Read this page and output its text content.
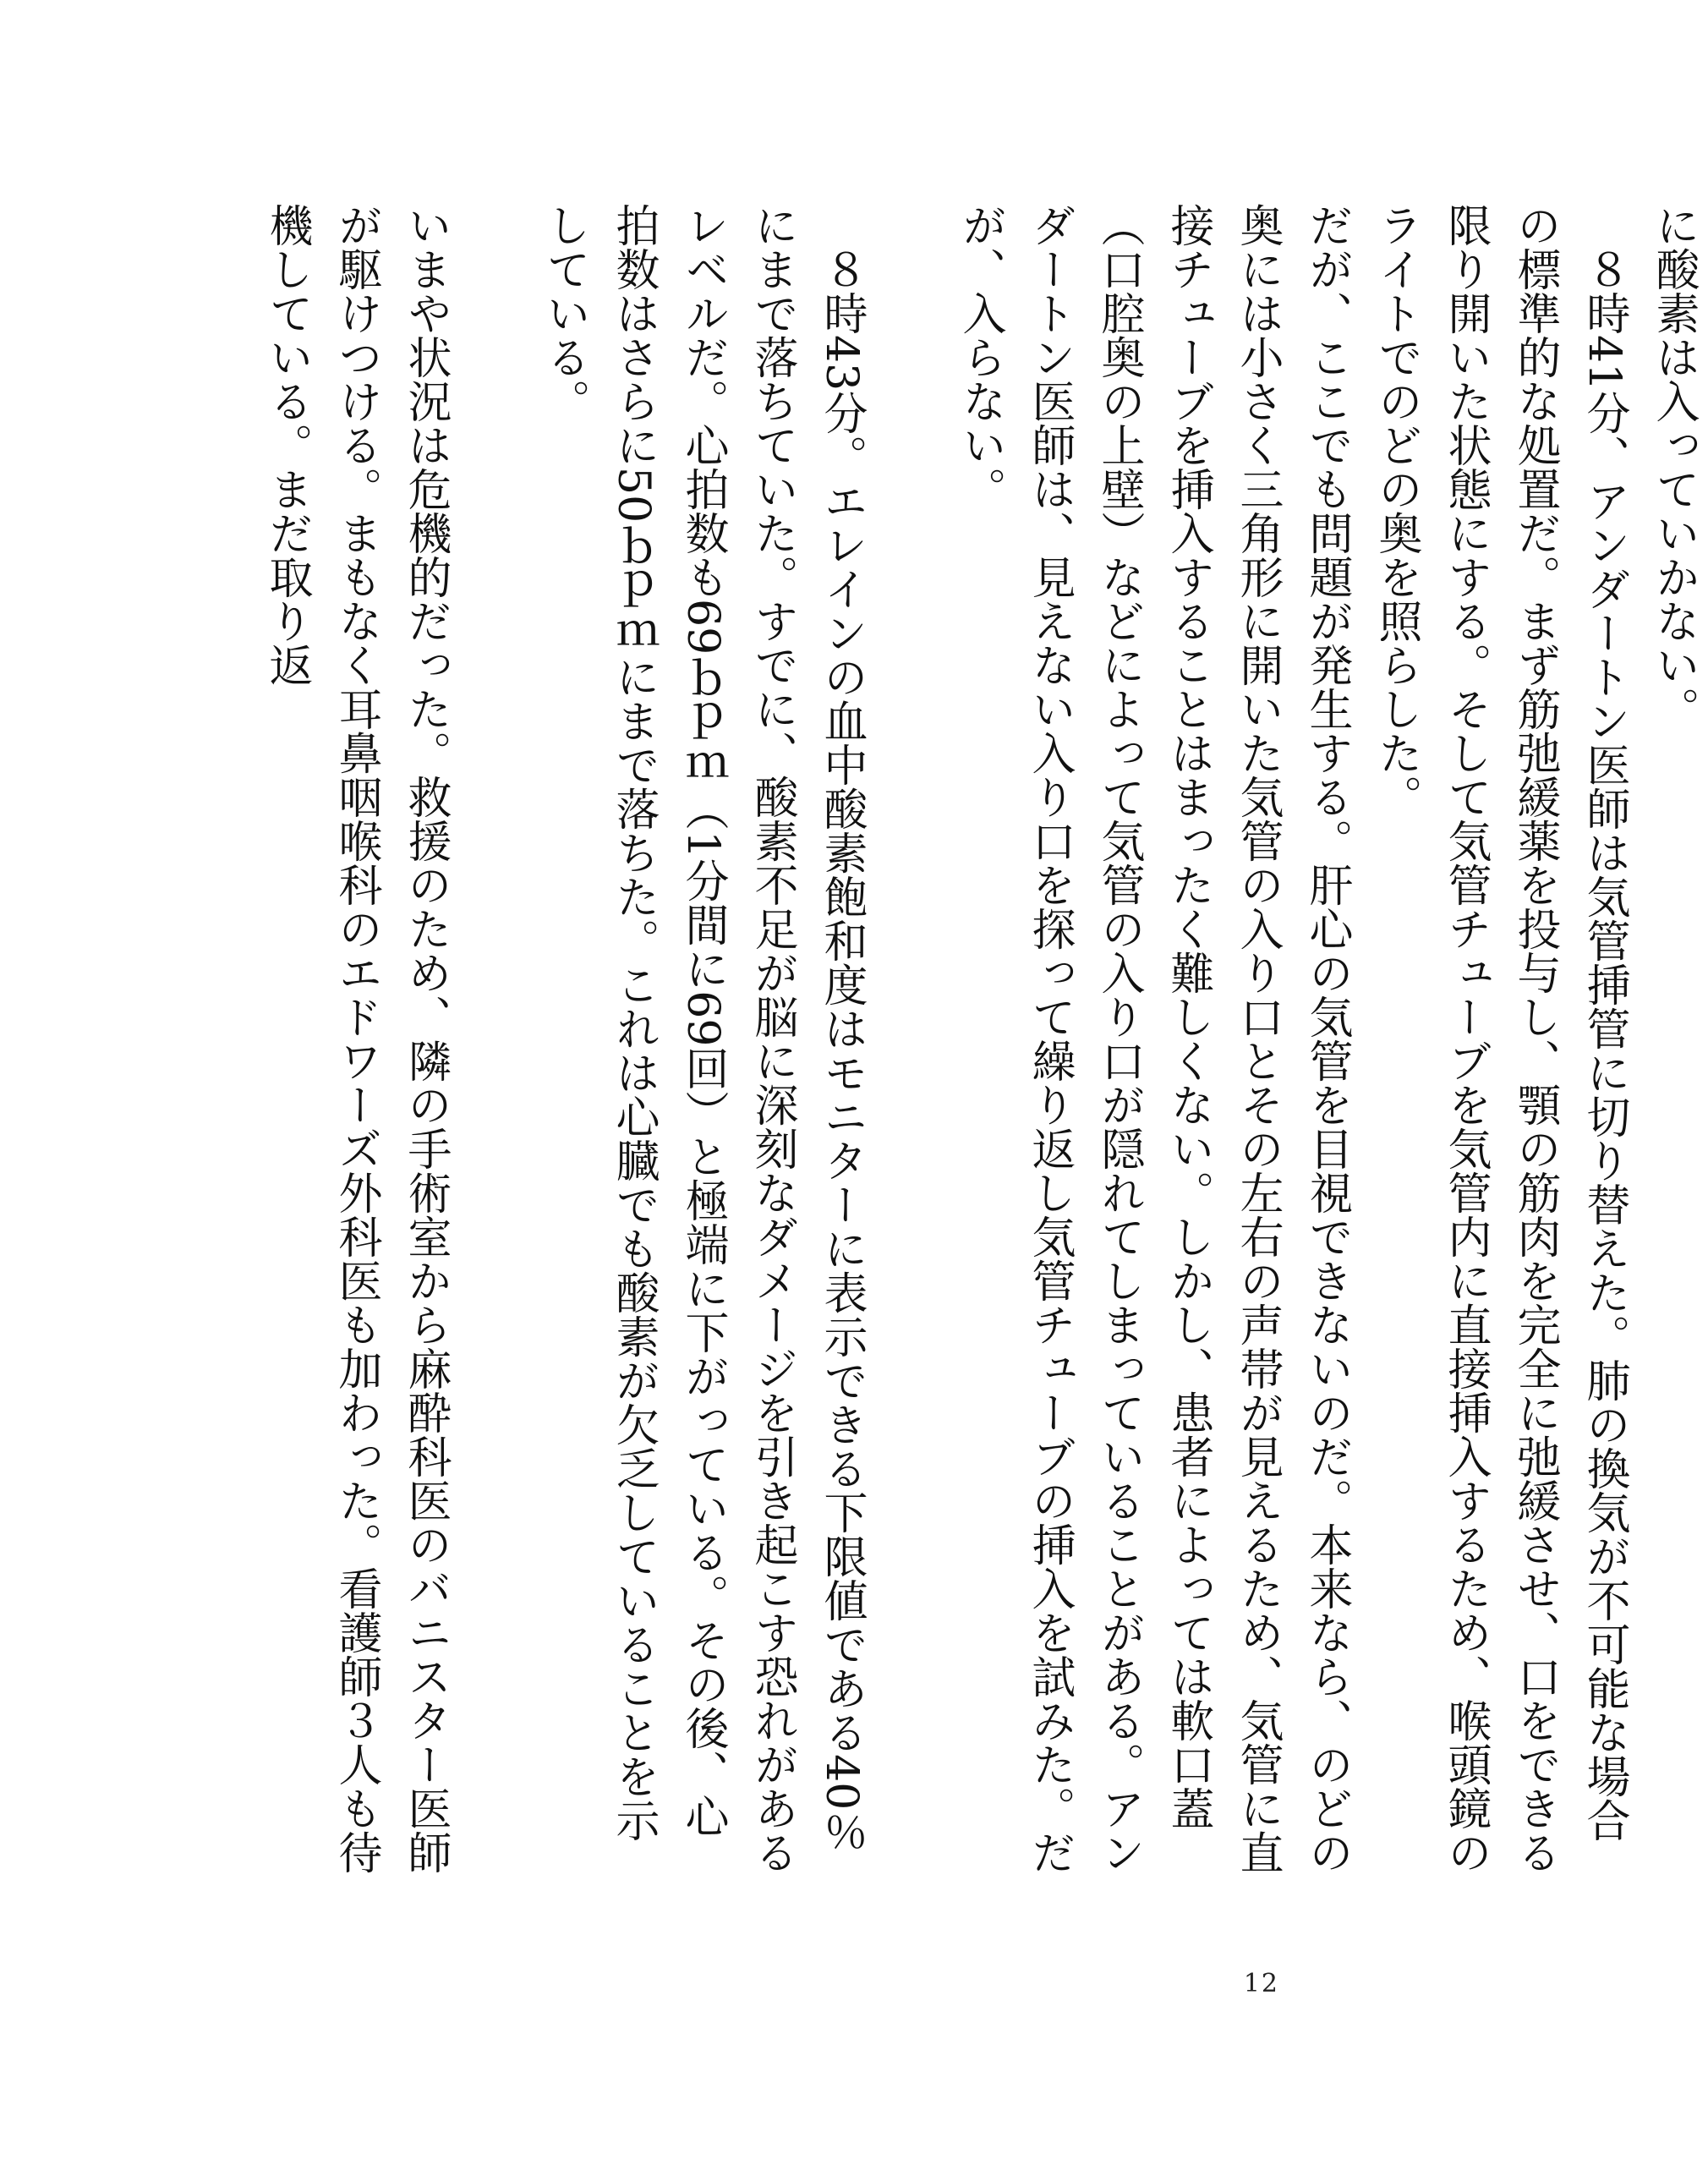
に酸素は入っていかない。

８時41分、アンダートン医師は気管挿管に切り替えた。肺の換気が不可能な場合の標準的な処置だ。まず筋弛緩薬を投与し、顎の筋肉を完全に弛緩させ、口をできる限り開いた状態にする。そして気管チューブを気管内に直接挿入するため、喉頭鏡のライトでのどの奥を照らした。

だが、ここでも問題が発生する。肝心の気管を目視できないのだ。本来なら、のどの奥には小さく三角形に開いた気管の入り口とその左右の声帯が見えるため、気管に直接チューブを挿入することはまったく難しくない。しかし、患者によっては軟口蓋（口腔奥の上壁）などによって気管の入り口が隠れてしまっていることがある。アンダートン医師は、見えない入り口を探って繰り返し気管チューブの挿入を試みた。だが、入らない。

８時43分。エレインの血中酸素飽和度はモニターに表示できる下限値である40％にまで落ちていた。すでに、酸素不足が脳に深刻なダメージを引き起こす恐れがあるレベルだ。心拍数も69ｂｐｍ（1分間に69回）と極端に下がっている。その後、心拍数はさらに50ｂｐｍにまで落ちた。これは心臓でも酸素が欠乏していることを示している。

いまや状況は危機的だった。救援のため、隣の手術室から麻酔科医のバニスター医師が駆けつける。まもなく耳鼻咽喉科のエドワーズ外科医も加わった。看護師３人も待機している。まだ取り返

12
